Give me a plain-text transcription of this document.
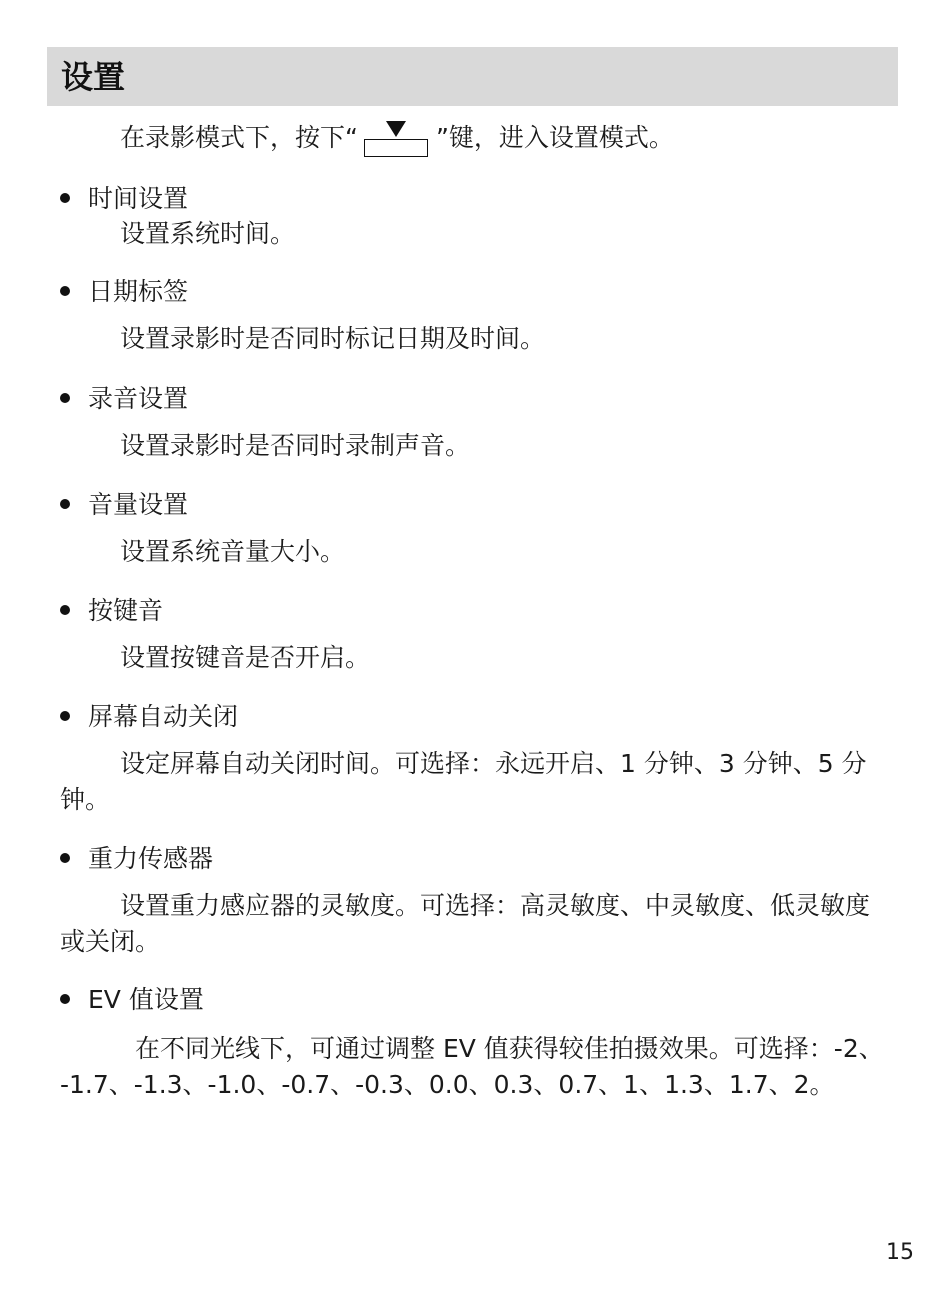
设置
在录影模式下，按下“	”键，进入设置模式。
时间设置
设置系统时间。
日期标签
设置录影时是否同时标记日期及时间。
录音设置
设置录影时是否同时录制声音。
音量设置
设置系统音量大小。
按键音
设置按键音是否开启。
屏幕自动关闭
设定屏幕自动关闭时间。可选择：永远开启、1 分钟、3 分钟、5 分钟。
重力传感器
设置重力感应器的灵敏度。可选择：高灵敏度、中灵敏度、低灵敏度或关闭。
EV 值设置
在不同光线下，可通过调整 EV 值获得较佳拍摄效果。可选择：-2、-1.7、-1.3、-1.0、-0.7、-0.3、0.0、0.3、0.7、1、1.3、1.7、2。
15
